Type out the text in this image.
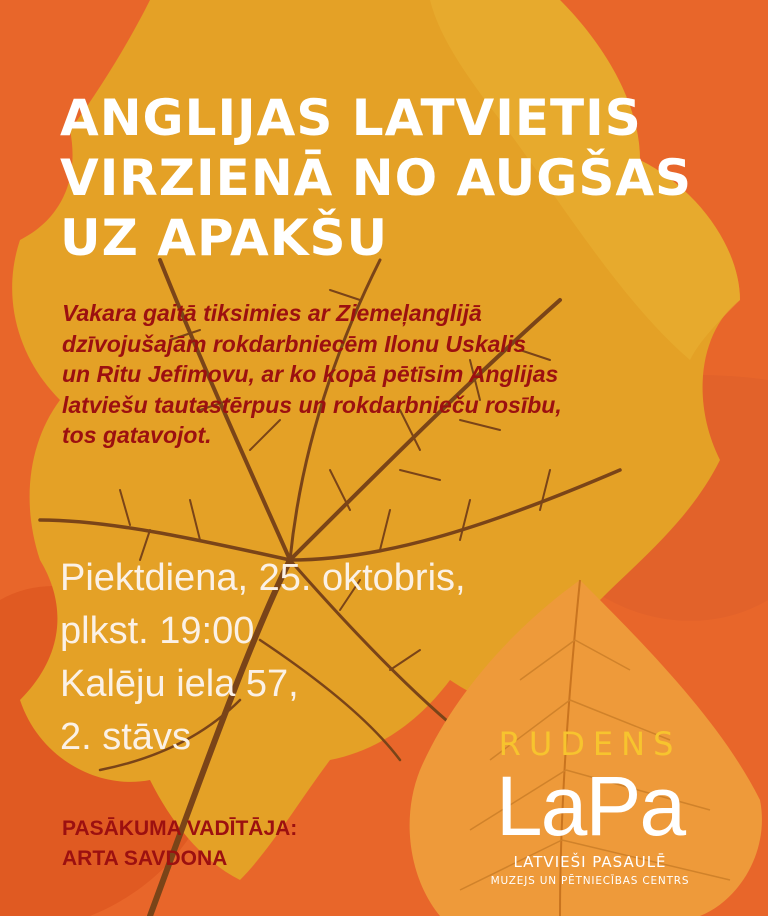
ANGLIJAS LATVIETIS
VIRZIENĀ NO AUGŠAS
UZ APAKŠU
Vakara gaitā tiksimies ar Ziemeļanglijā
dzīvojušajām rokdarbniecēm Ilonu Uskalis
un Ritu Jefimovu, ar ko kopā pētīsim Anglijas
latviešu tautastērpus un rokdarbnieču rosību,
tos gatavojot.
Piektdiena, 25. oktobris,
plkst. 19:00
Kalēju iela 57,
2. stāvs
PASĀKUMA VADĪTĀJA:
ARTA SAVDONA
RUDENS
LaPa
LATVIEŠI PASAULĒ
MUZEJS UN PĒTNIECĪBAS CENTRS
